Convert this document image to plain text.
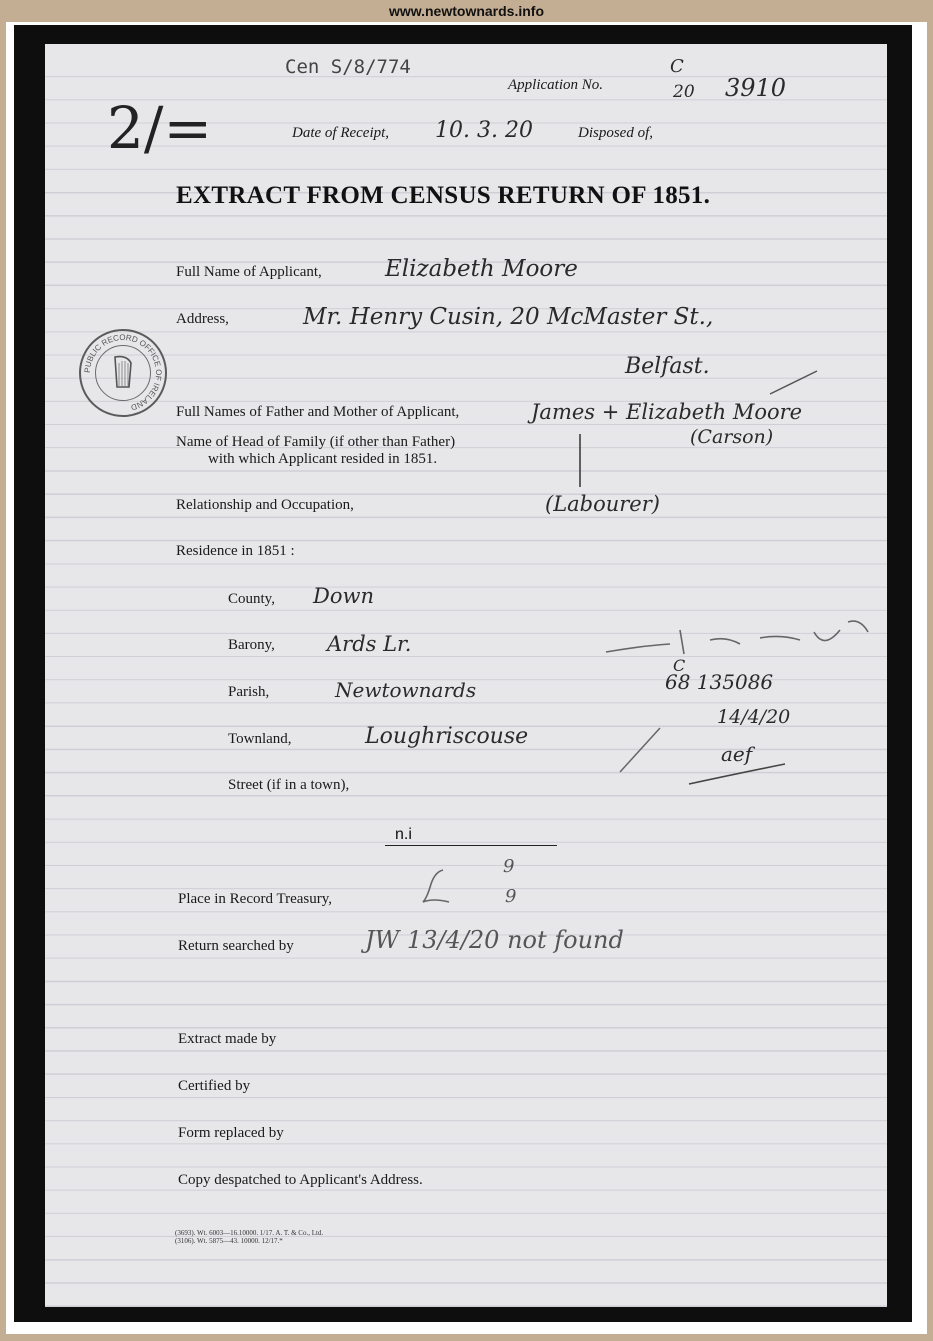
www.newtownards.info
Cen S/8/774
2/=
Application No.
C
20 3910
Date of Receipt, 10. 3. 20	Disposed of,
EXTRACT FROM CENSUS RETURN OF 1851.
PUBLIC RECORD OFFICE OF IRELAND
Full Name of Applicant,	Elizabeth Moore
Address,	Mr. Henry Cusin, 20 McMaster St.,
Belfast.
Full Names of Father and Mother of Applicant,	James + Elizabeth Moore
(Carson)
Name of Head of Family (if other than Father)
with which Applicant resided in 1851.
Relationship and Occupation,	(Labourer)
Residence in 1851 :
County, Down
Barony, Ards Lr.
Parish,	Newtownards
Townland,	Loughriscouse
Street (if in a town),
n.i
Place in Record Treasury,
9
9
Return searched by	JW 13/4/20 not found
Extract made by
Certified by
Form replaced by
Copy despatched to Applicant's Address.
C
68 135086
14/4/20
aef
(3693). Wt. 6003—16.10000. 1/17. A. T. & Co., Ltd.
(3106). Wt. 5875—43. 10000. 12/17.*
